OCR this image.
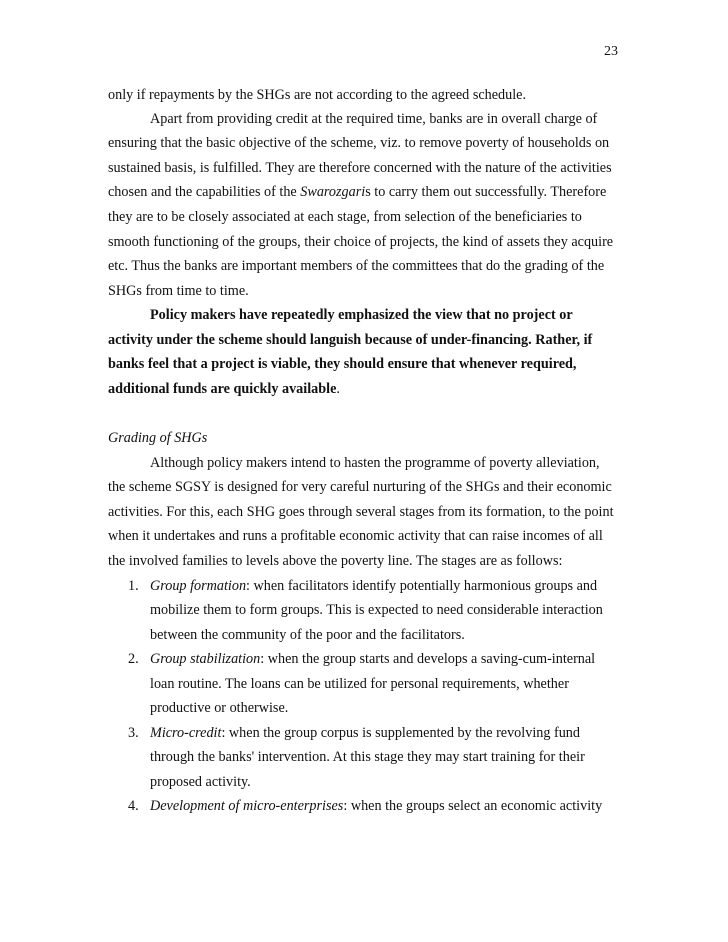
23
only if repayments by the SHGs are not according to the agreed schedule.
Apart from providing credit at the required time, banks are in overall charge of
ensuring that the basic objective of the scheme, viz. to remove poverty of households on
sustained basis, is fulfilled. They are therefore concerned with the nature of the activities
chosen and the capabilities of the Swarozgaris to carry them out successfully. Therefore
they are to be closely associated at each stage, from selection of the beneficiaries to
smooth functioning of the groups, their choice of projects, the kind of assets they acquire
etc. Thus the banks are important members of the committees that do the grading of the
SHGs from time to time.
Policy makers have repeatedly emphasized the view that no project or
activity under the scheme should languish because of under-financing. Rather, if
banks feel that a project is viable, they should ensure that whenever required,
additional funds are quickly available.
Grading of SHGs
Although policy makers intend to hasten the programme of poverty alleviation,
the scheme SGSY is designed for very careful nurturing of the SHGs and their economic
activities. For this, each SHG goes through several stages from its formation, to the point
when it undertakes and runs a profitable economic activity that can raise incomes of all
the involved families to levels above the poverty line. The stages are as follows:
1. Group formation: when facilitators identify potentially harmonious groups and
mobilize them to form groups. This is expected to need considerable interaction
between the community of the poor and the facilitators.
2. Group stabilization: when the group starts and develops a saving-cum-internal
loan routine. The loans can be utilized for personal requirements, whether
productive or otherwise.
3. Micro-credit: when the group corpus is supplemented by the revolving fund
through the banks' intervention. At this stage they may start training for their
proposed activity.
4. Development of micro-enterprises: when the groups select an economic activity
